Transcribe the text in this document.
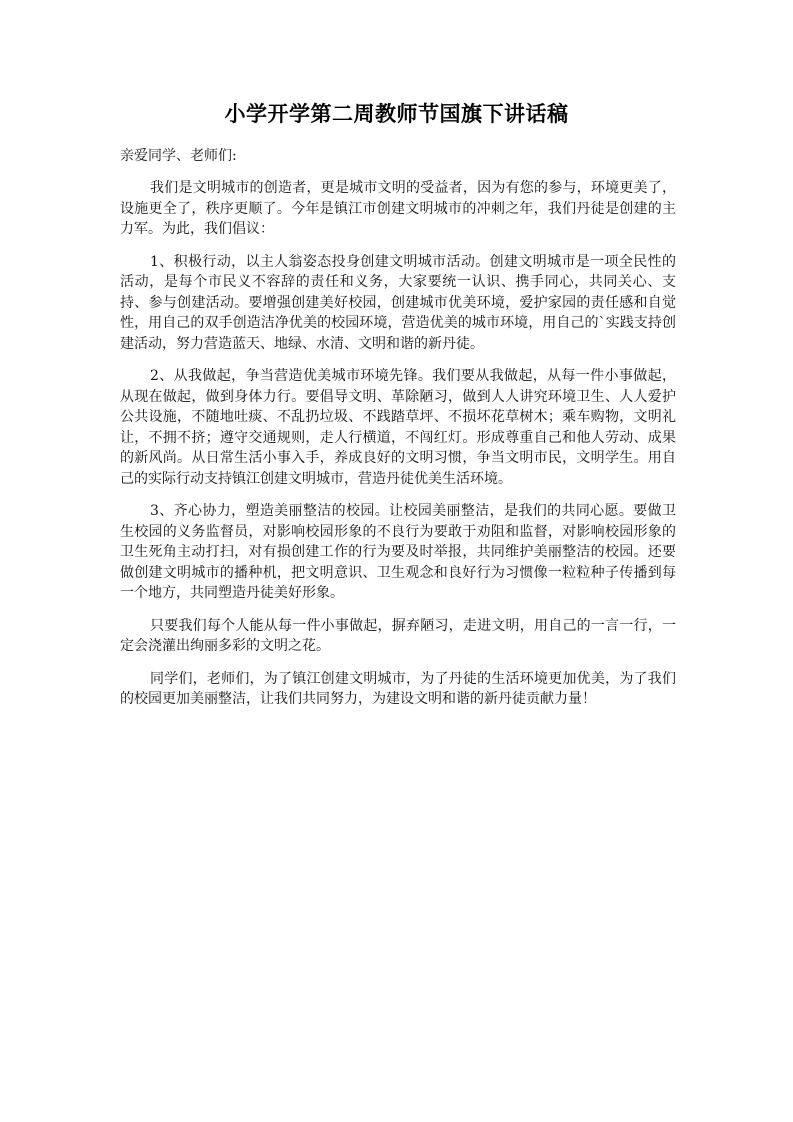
小学开学第二周教师节国旗下讲话稿

亲爱同学、老师们:

我们是文明城市的创造者，更是城市文明的受益者，因为有您的参与，环境更美了，设施更全了，秩序更顺了。今年是镇江市创建文明城市的冲刺之年，我们丹徒是创建的主力军。为此，我们倡议：

1、积极行动，以主人翁姿态投身创建文明城市活动。创建文明城市是一项全民性的活动，是每个市民义不容辞的责任和义务，大家要统一认识、携手同心，共同关心、支持、参与创建活动。要增强创建美好校园，创建城市优美环境，爱护家园的责任感和自觉性，用自己的双手创造洁净优美的校园环境，营造优美的城市环境，用自己的`实践支持创建活动，努力营造蓝天、地绿、水清、文明和谐的新丹徒。

2、从我做起，争当营造优美城市环境先锋。我们要从我做起，从每一件小事做起，从现在做起，做到身体力行。要倡导文明、革除陋习，做到人人讲究环境卫生、人人爱护公共设施，不随地吐痰、不乱扔垃圾、不践踏草坪、不损坏花草树木；乘车购物，文明礼让，不拥不挤；遵守交通规则，走人行横道，不闯红灯。形成尊重自己和他人劳动、成果的新风尚。从日常生活小事入手，养成良好的文明习惯，争当文明市民，文明学生。用自己的实际行动支持镇江创建文明城市，营造丹徒优美生活环境。

3、齐心协力，塑造美丽整洁的校园。让校园美丽整洁，是我们的共同心愿。要做卫生校园的义务监督员，对影响校园形象的不良行为要敢于劝阻和监督，对影响校园形象的卫生死角主动打扫，对有损创建工作的行为要及时举报，共同维护美丽整洁的校园。还要做创建文明城市的播种机，把文明意识、卫生观念和良好行为习惯像一粒粒种子传播到每一个地方，共同塑造丹徒美好形象。

只要我们每个人能从每一件小事做起，摒弃陋习，走进文明，用自己的一言一行，一定会浇灌出绚丽多彩的文明之花。

同学们，老师们，为了镇江创建文明城市，为了丹徒的生活环境更加优美，为了我们的校园更加美丽整洁，让我们共同努力，为建设文明和谐的新丹徒贡献力量！
